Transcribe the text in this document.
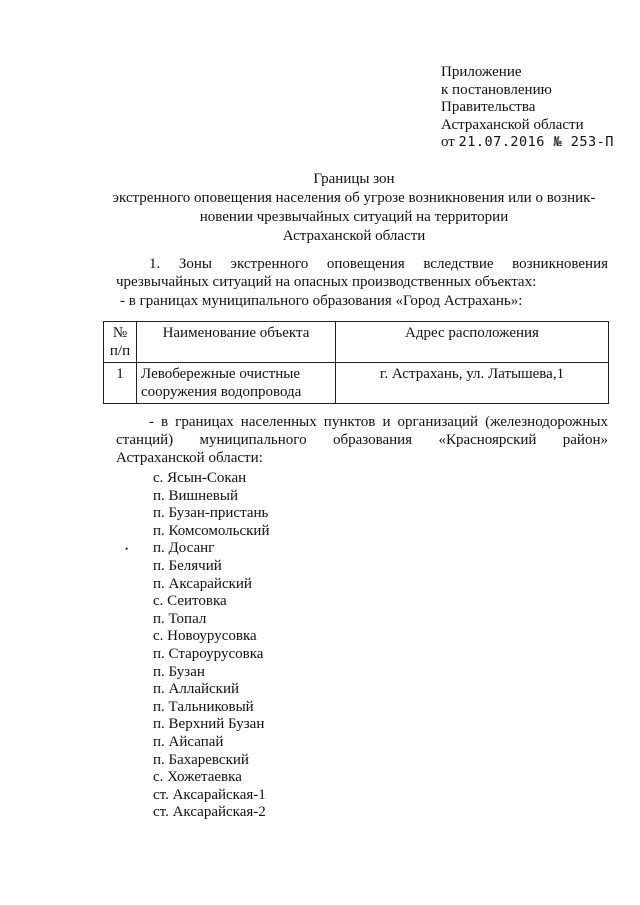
Приложение
к постановлению
Правительства
Астраханской области
от 21.07.2016 № 253-П
Границы зон
экстренного оповещения населения об угрозе возникновения или о возник-
новении чрезвычайных ситуаций на территории
Астраханской области
1. Зоны экстренного оповещения вследствие возникновения чрезвычайных ситуаций на опасных производственных объектах:
- в границах муниципального образования «Город Астрахань»:
№ п/п	Наименование объекта	Адрес расположения
1	Левобережные очистные сооружения водопровода	г. Астрахань, ул. Латышева,1
- в границах населенных пунктов и организаций (железнодорожных станций) муниципального образования «Красноярский район» Астраханской области:
•
с. Ясын-Сокан
п. Вишневый
п. Бузан-пристань
п. Комсомольский
п. Досанг
п. Белячий
п. Аксарайский
с. Сеитовка
п. Топал
с. Новоурусовка
п. Староурусовка
п. Бузан
п. Аллайский
п. Тальниковый
п. Верхний Бузан
п. Айсапай
п. Бахаревский
с. Хожетаевка
ст. Аксарайская-1
ст. Аксарайская-2
